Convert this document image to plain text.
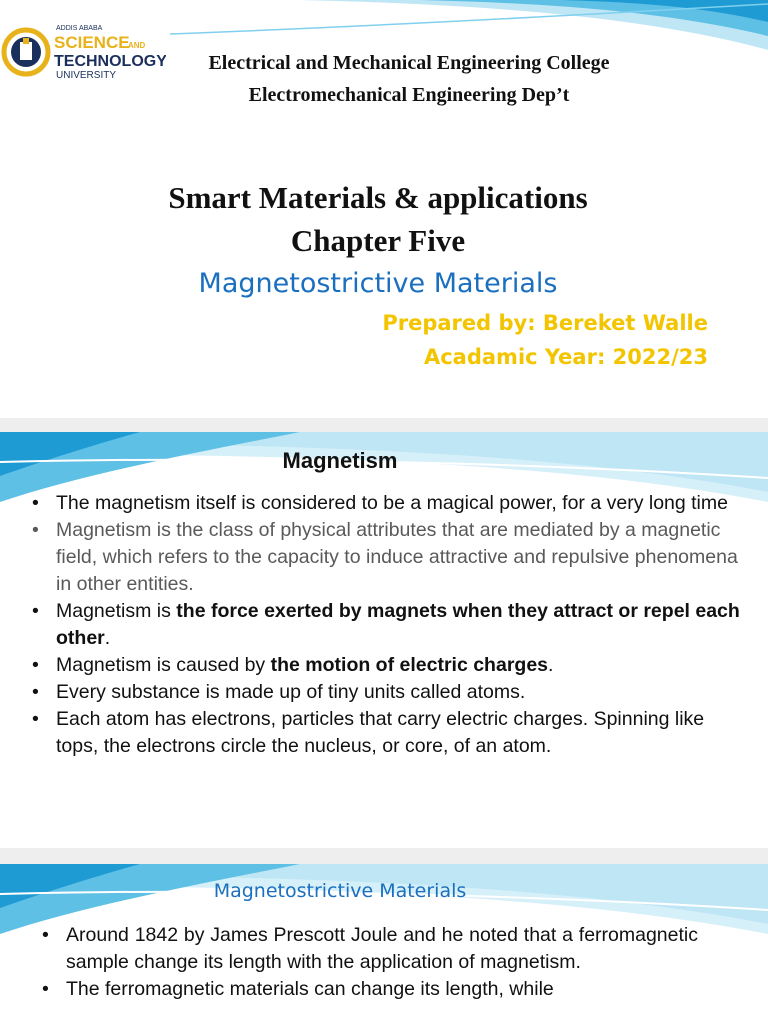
ADDIS ABABA
SCIENCE
AND
TECHNOLOGY
UNIVERSITY
Electrical and Mechanical Engineering College
Electromechanical Engineering Dep’t
Smart Materials & applications
Chapter Five
Magnetostrictive Materials
Prepared by: Bereket Walle
Acadamic Year: 2022/23
Magnetism
• The magnetism itself is considered to be a magical power, for a very long time
• Magnetism is the class of physical attributes that are mediated by a magnetic field, which refers to the capacity to induce attractive and repulsive phenomena in other entities.
• Magnetism is the force exerted by magnets when they attract or repel each other.
• Magnetism is caused by the motion of electric charges.
• Every substance is made up of tiny units called atoms.
• Each atom has electrons, particles that carry electric charges. Spinning like tops, the electrons circle the nucleus, or core, of an atom.
Magnetostrictive Materials
• Around 1842 by James Prescott Joule and he noted that a ferromagnetic sample change its length with the application of magnetism.
• The ferromagnetic materials can change its length, while
